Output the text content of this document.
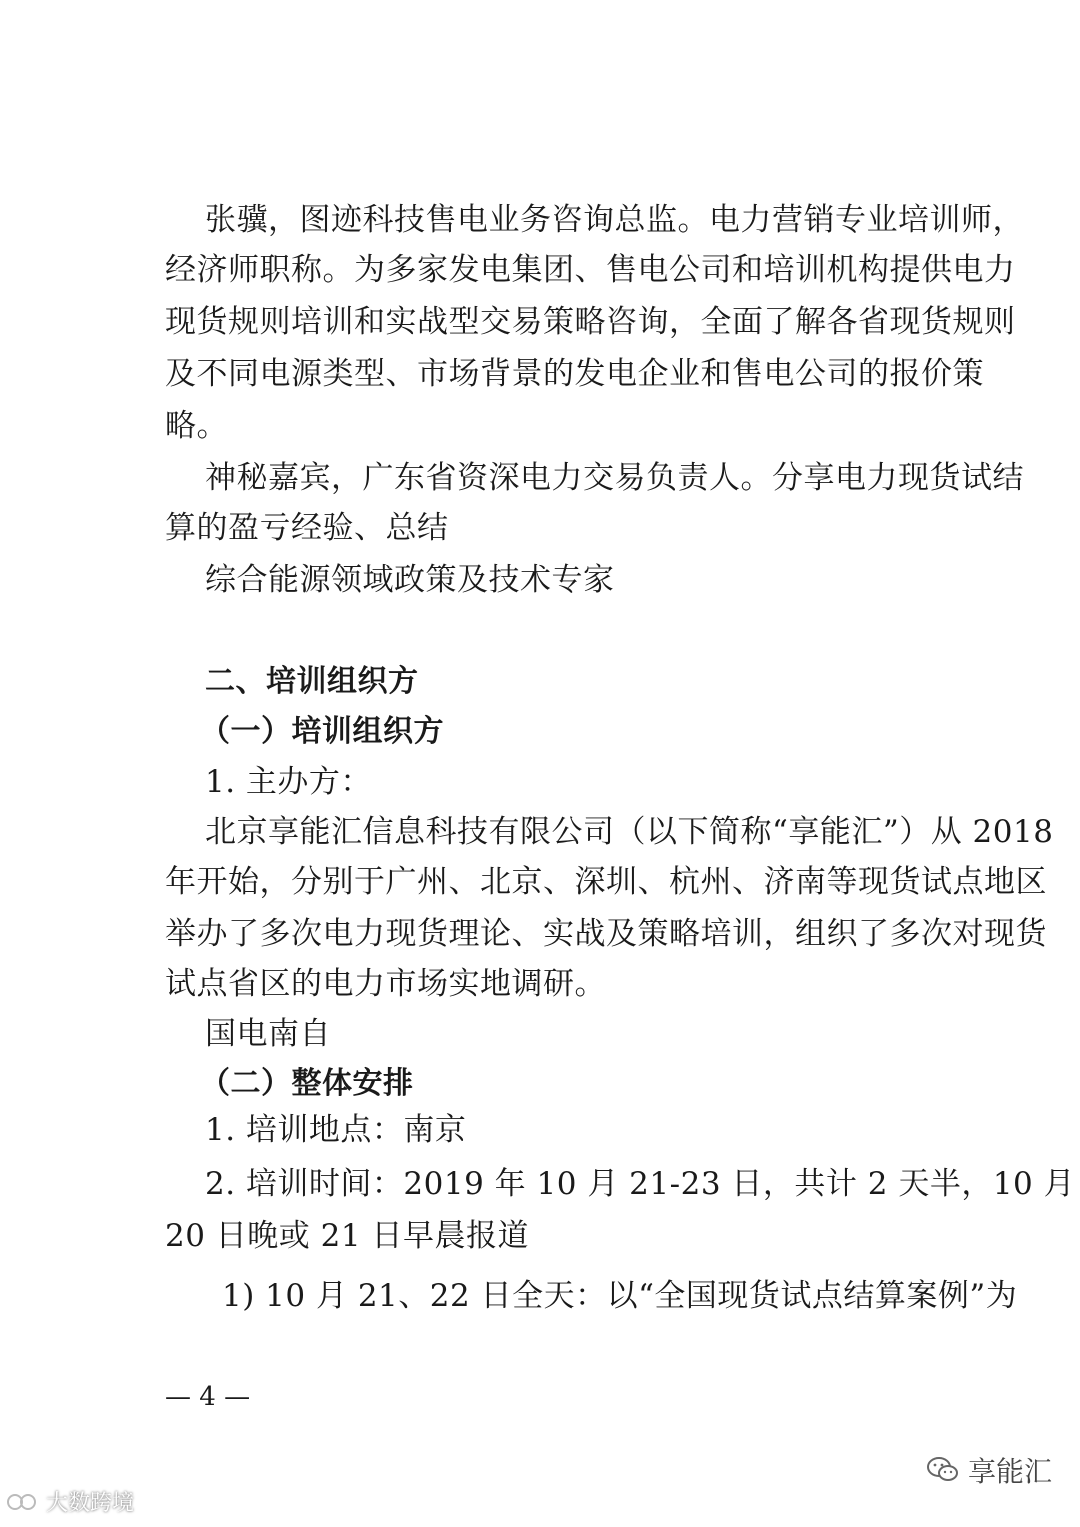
张骥，图迹科技售电业务咨询总监。电力营销专业培训师，
经济师职称。为多家发电集团、售电公司和培训机构提供电力
现货规则培训和实战型交易策略咨询，全面了解各省现货规则
及不同电源类型、市场背景的发电企业和售电公司的报价策
略。
神秘嘉宾，广东省资深电力交易负责人。分享电力现货试结
算的盈亏经验、总结
综合能源领域政策及技术专家
二、培训组织方
（一）培训组织方
1. 主办方：
北京享能汇信息科技有限公司（以下简称“享能汇”）从 2018
年开始，分别于广州、北京、深圳、杭州、济南等现货试点地区
举办了多次电力现货理论、实战及策略培训，组织了多次对现货
试点省区的电力市场实地调研。
国电南自
（二）整体安排
1. 培训地点：南京
2. 培训时间：2019 年 10 月 21-23 日，共计 2 天半，10 月
20 日晚或 21 日早晨报道
1) 10 月 21、22 日全天：以“全国现货试点结算案例”为
— 4 —
享能汇
大数跨境
